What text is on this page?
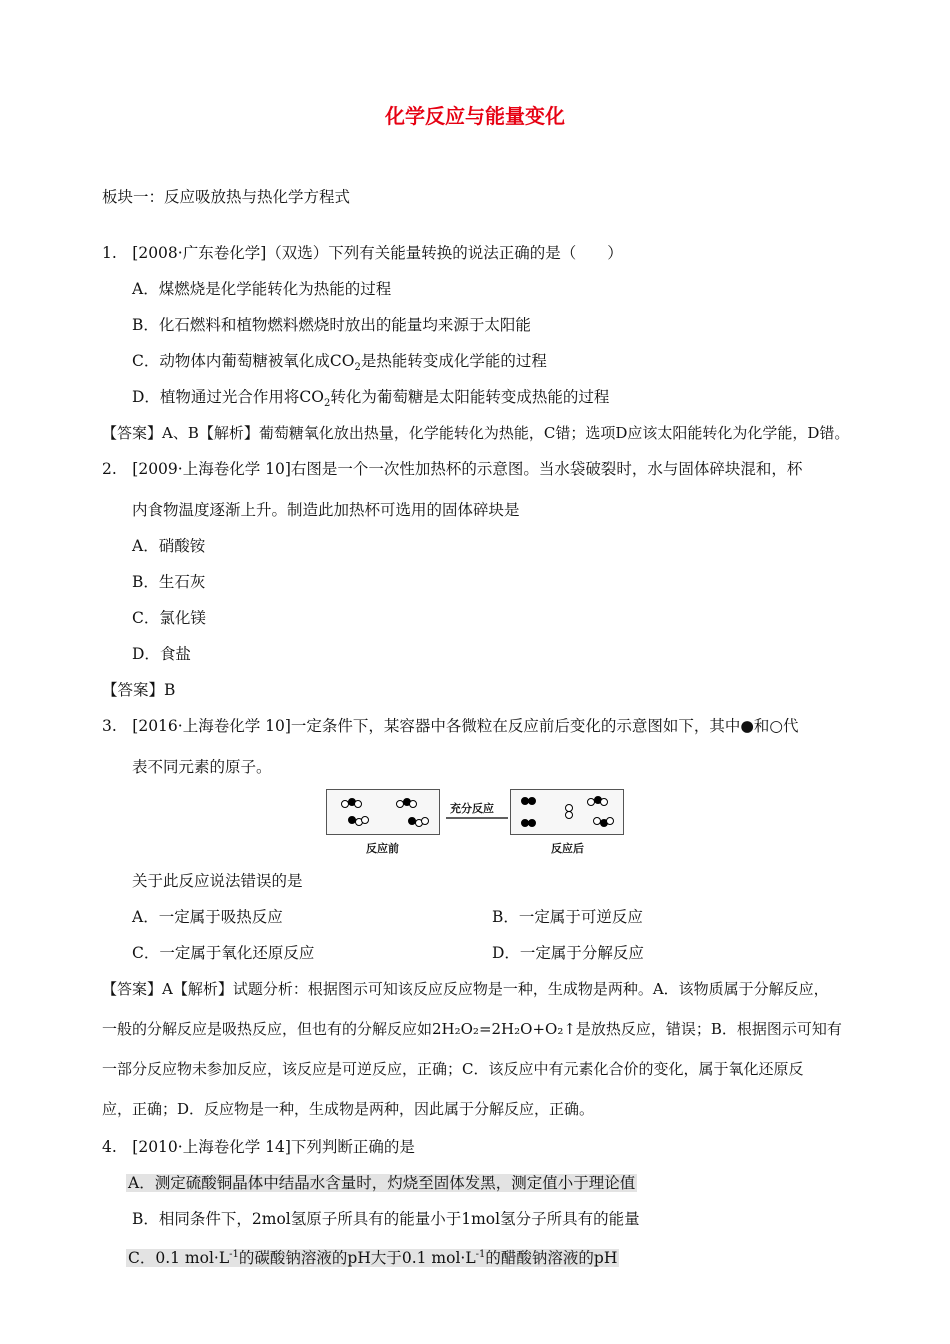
化学反应与能量变化
板块一：反应吸放热与热化学方程式
1.　[2008·广东卷化学]（双选）下列有关能量转换的说法正确的是（　　）
A．煤燃烧是化学能转化为热能的过程
B．化石燃料和植物燃料燃烧时放出的能量均来源于太阳能
C．动物体内葡萄糖被氧化成$CO_2$是热能转变成化学能的过程
D．植物通过光合作用将$CO_2$转化为葡萄糖是太阳能转变成热能的过程
【答案】A、B【解析】葡萄糖氧化放出热量，化学能转化为热能，C错；选项D应该太阳能转化为化学能，D错。
2.　[2009·上海卷化学 10]右图是一个一次性加热杯的示意图。当水袋破裂时，水与固体碎块混和，杯
内食物温度逐渐上升。制造此加热杯可选用的固体碎块是
A．硝酸铵
B．生石灰
C．氯化镁
D．食盐
【答案】B
3.　[2016·上海卷化学 10]一定条件下，某容器中各微粒在反应前后变化的示意图如下，其中●和○代
表不同元素的原子。
充分反应
反应前	反应后
关于此反应说法错误的是
A．一定属于吸热反应	B．一定属于可逆反应
C．一定属于氧化还原反应	D．一定属于分解反应
【答案】A【解析】试题分析：根据图示可知该反应反应物是一种，生成物是两种。A．该物质属于分解反应，
一般的分解反应是吸热反应，但也有的分解反应如2H₂O₂=2H₂O+O₂↑是放热反应，错误；B．根据图示可知有
一部分反应物未参加反应，该反应是可逆反应，正确；C．该反应中有元素化合价的变化，属于氧化还原反
应，正确；D．反应物是一种，生成物是两种，因此属于分解反应，正确。
4.　[2010·上海卷化学 14]下列判断正确的是
A．测定硫酸铜晶体中结晶水含量时，灼烧至固体发黑，测定值小于理论值
B．相同条件下，2mol氢原子所具有的能量小于1mol氢分子所具有的能量
C．0.1 $mol\cdot L^{-1}$的碳酸钠溶液的pH大于0.1 $mol\cdot L^{-1}$的醋酸钠溶液的pH
